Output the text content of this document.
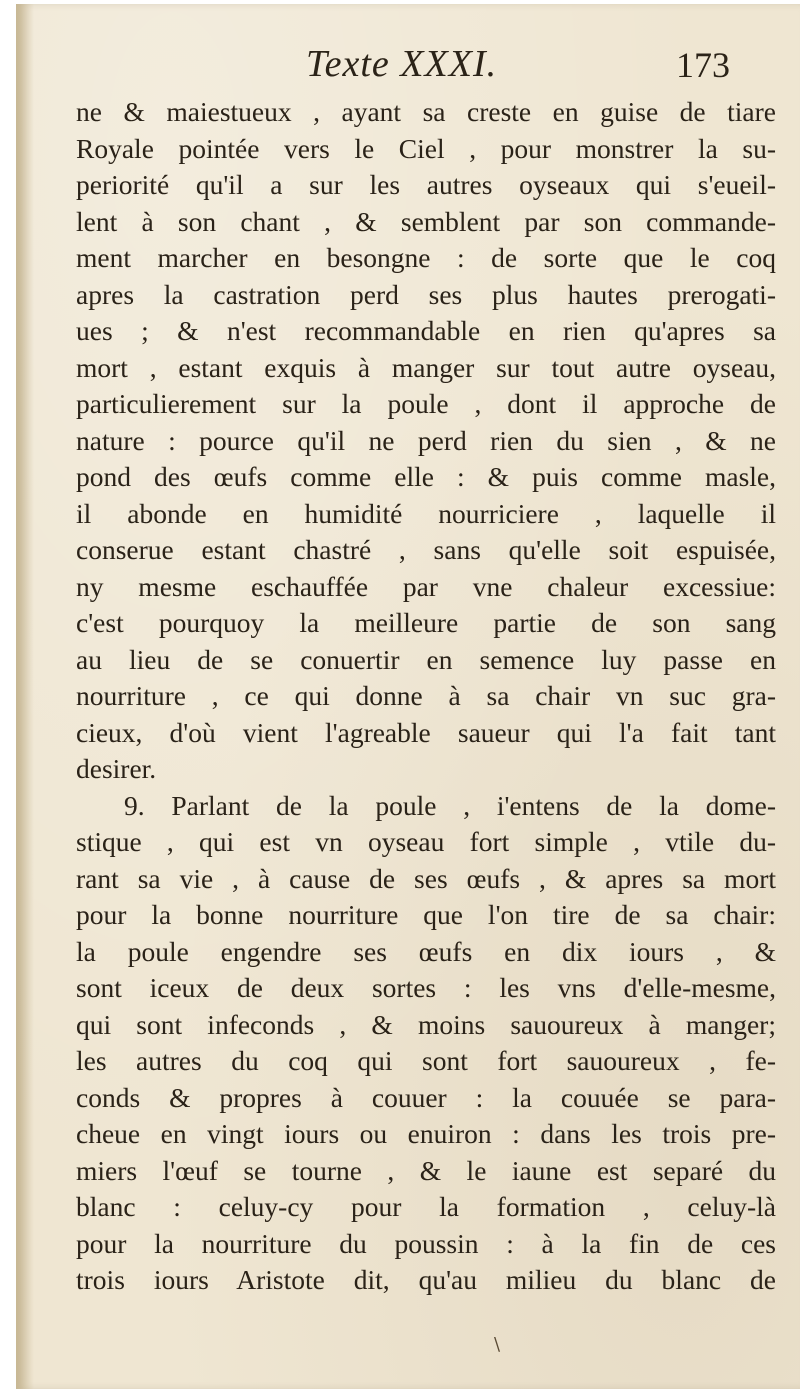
Texte XXXI.	173
ne & maiestueux , ayant sa creste en guise de tiare
Royale pointée vers le Ciel , pour monstrer la su-
periorité qu'il a sur les autres oyseaux qui s'eueil-
lent à son chant , & semblent par son commande-
ment marcher en besongne : de sorte que le coq
apres la castration perd ses plus hautes prerogati-
ues ; & n'est recommandable en rien qu'apres sa
mort , estant exquis à manger sur tout autre oyseau,
particulierement sur la poule , dont il approche de
nature : pource qu'il ne perd rien du sien , & ne
pond des œufs comme elle : & puis comme masle,
il abonde en humidité nourriciere , laquelle il
conserue estant chastré , sans qu'elle soit espuisée,
ny mesme eschauffée par vne chaleur excessiue:
c'est pourquoy la meilleure partie de son sang
au lieu de se conuertir en semence luy passe en
nourriture , ce qui donne à sa chair vn suc gra-
cieux, d'où vient l'agreable saueur qui l'a fait tant
desirer.
9. Parlant de la poule , i'entens de la dome-
stique , qui est vn oyseau fort simple , vtile du-
rant sa vie , à cause de ses œufs , & apres sa mort
pour la bonne nourriture que l'on tire de sa chair:
la poule engendre ses œufs en dix iours , &
sont iceux de deux sortes : les vns d'elle-mesme,
qui sont infeconds , & moins sauoureux à manger;
les autres du coq qui sont fort sauoureux , fe-
conds & propres à couuer : la couuée se para-
cheue en vingt iours ou enuiron : dans les trois pre-
miers l'œuf se tourne , & le iaune est separé du
blanc : celuy-cy pour la formation , celuy-là
pour la nourriture du poussin : à la fin de ces
trois iours Aristote dit, qu'au milieu du blanc de
\
